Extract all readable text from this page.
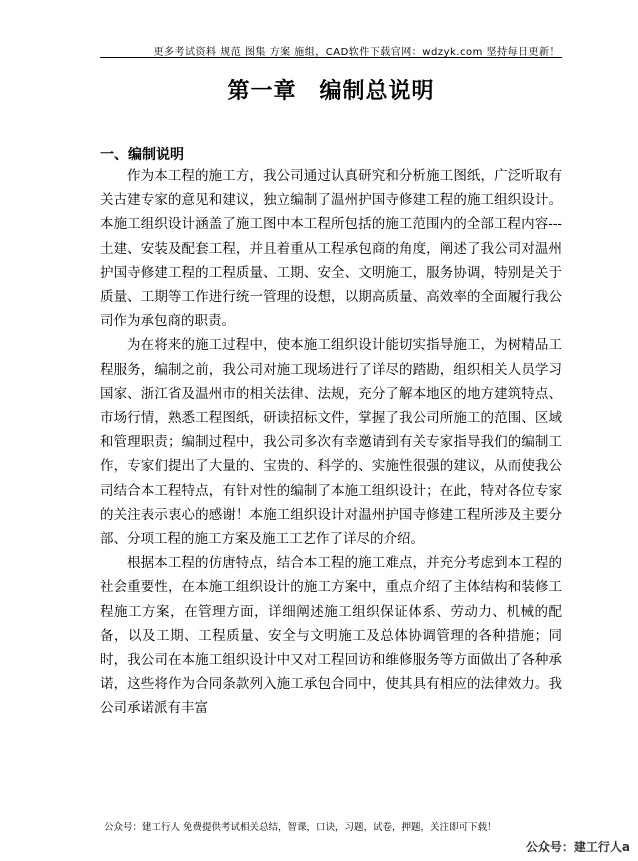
更多考试资料 规范 图集 方案 施组，CAD软件下载官网：wdzyk.com 坚持每日更新！
第一章　编制总说明
一、编制说明

作为本工程的施工方，我公司通过认真研究和分析施工图纸，广泛听取有关古建专家的意见和建议，独立编制了温州护国寺修建工程的施工组织设计。本施工组织设计涵盖了施工图中本工程所包括的施工范围内的全部工程内容---土建、安装及配套工程，并且着重从工程承包商的角度，阐述了我公司对温州护国寺修建工程的工程质量、工期、安全、文明施工，服务协调，特别是关于质量、工期等工作进行统一管理的设想，以期高质量、高效率的全面履行我公司作为承包商的职责。

为在将来的施工过程中，使本施工组织设计能切实指导施工，为树精品工程服务，编制之前，我公司对施工现场进行了详尽的踏勘，组织相关人员学习国家、浙江省及温州市的相关法律、法规，充分了解本地区的地方建筑特点、市场行情，熟悉工程图纸，研读招标文件，掌握了我公司所施工的范围、区域和管理职责；编制过程中，我公司多次有幸邀请到有关专家指导我们的编制工作，专家们提出了大量的、宝贵的、科学的、实施性很强的建议，从而使我公司结合本工程特点，有针对性的编制了本施工组织设计；在此，特对各位专家的关注表示衷心的感谢！本施工组织设计对温州护国寺修建工程所涉及主要分部、分项工程的施工方案及施工工艺作了详尽的介绍。

根据本工程的仿唐特点，结合本工程的施工难点，并充分考虑到本工程的社会重要性，在本施工组织设计的施工方案中，重点介绍了主体结构和装修工程施工方案，在管理方面，详细阐述施工组织保证体系、劳动力、机械的配备，以及工期、工程质量、安全与文明施工及总体协调管理的各种措施；同时，我公司在本施工组织设计中又对工程回访和维修服务等方面做出了各种承诺，这些将作为合同条款列入施工承包合同中，使其具有相应的法律效力。我公司承诺派有丰富

公众号：建工行人 免费提供考试相关总结，智课，口诀，习题，试卷，押题，关注即可下载！
公众号：建工行人a
